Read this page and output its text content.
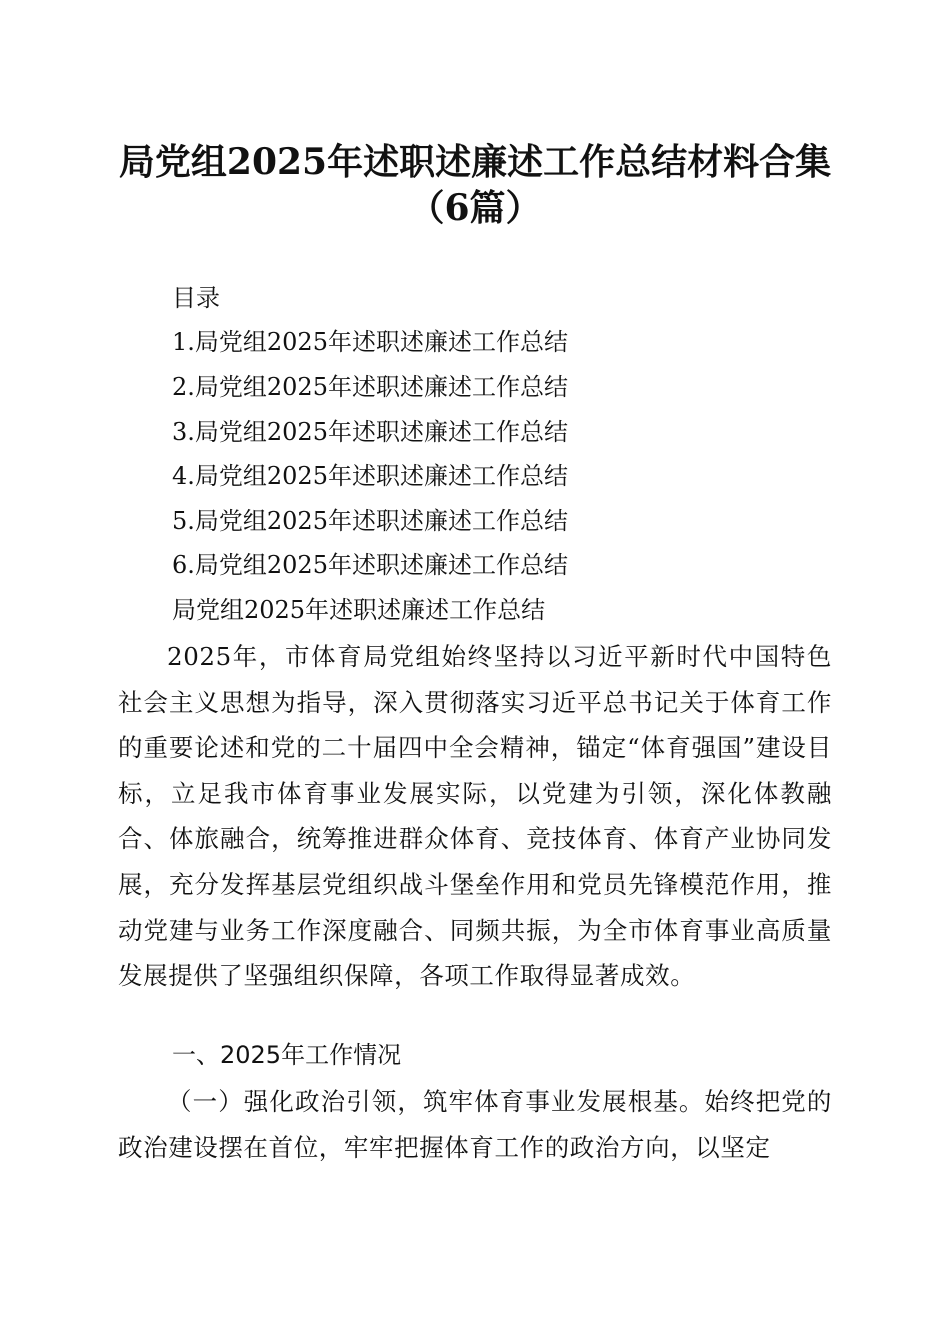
局党组2025年述职述廉述工作总结材料合集
（6篇）
目录
1.局党组2025年述职述廉述工作总结
2.局党组2025年述职述廉述工作总结
3.局党组2025年述职述廉述工作总结
4.局党组2025年述职述廉述工作总结
5.局党组2025年述职述廉述工作总结
6.局党组2025年述职述廉述工作总结
局党组2025年述职述廉述工作总结
2025年，市体育局党组始终坚持以习近平新时代中国特色社会主义思想为指导，深入贯彻落实习近平总书记关于体育工作的重要论述和党的二十届四中全会精神，锚定“体育强国”建设目标，立足我市体育事业发展实际，以党建为引领，深化体教融合、体旅融合，统筹推进群众体育、竞技体育、体育产业协同发展，充分发挥基层党组织战斗堡垒作用和党员先锋模范作用，推动党建与业务工作深度融合、同频共振，为全市体育事业高质量发展提供了坚强组织保障，各项工作取得显著成效。
一、2025年工作情况
（一）强化政治引领，筑牢体育事业发展根基。始终把党的政治建设摆在首位，牢牢把握体育工作的政治方向，以坚定
